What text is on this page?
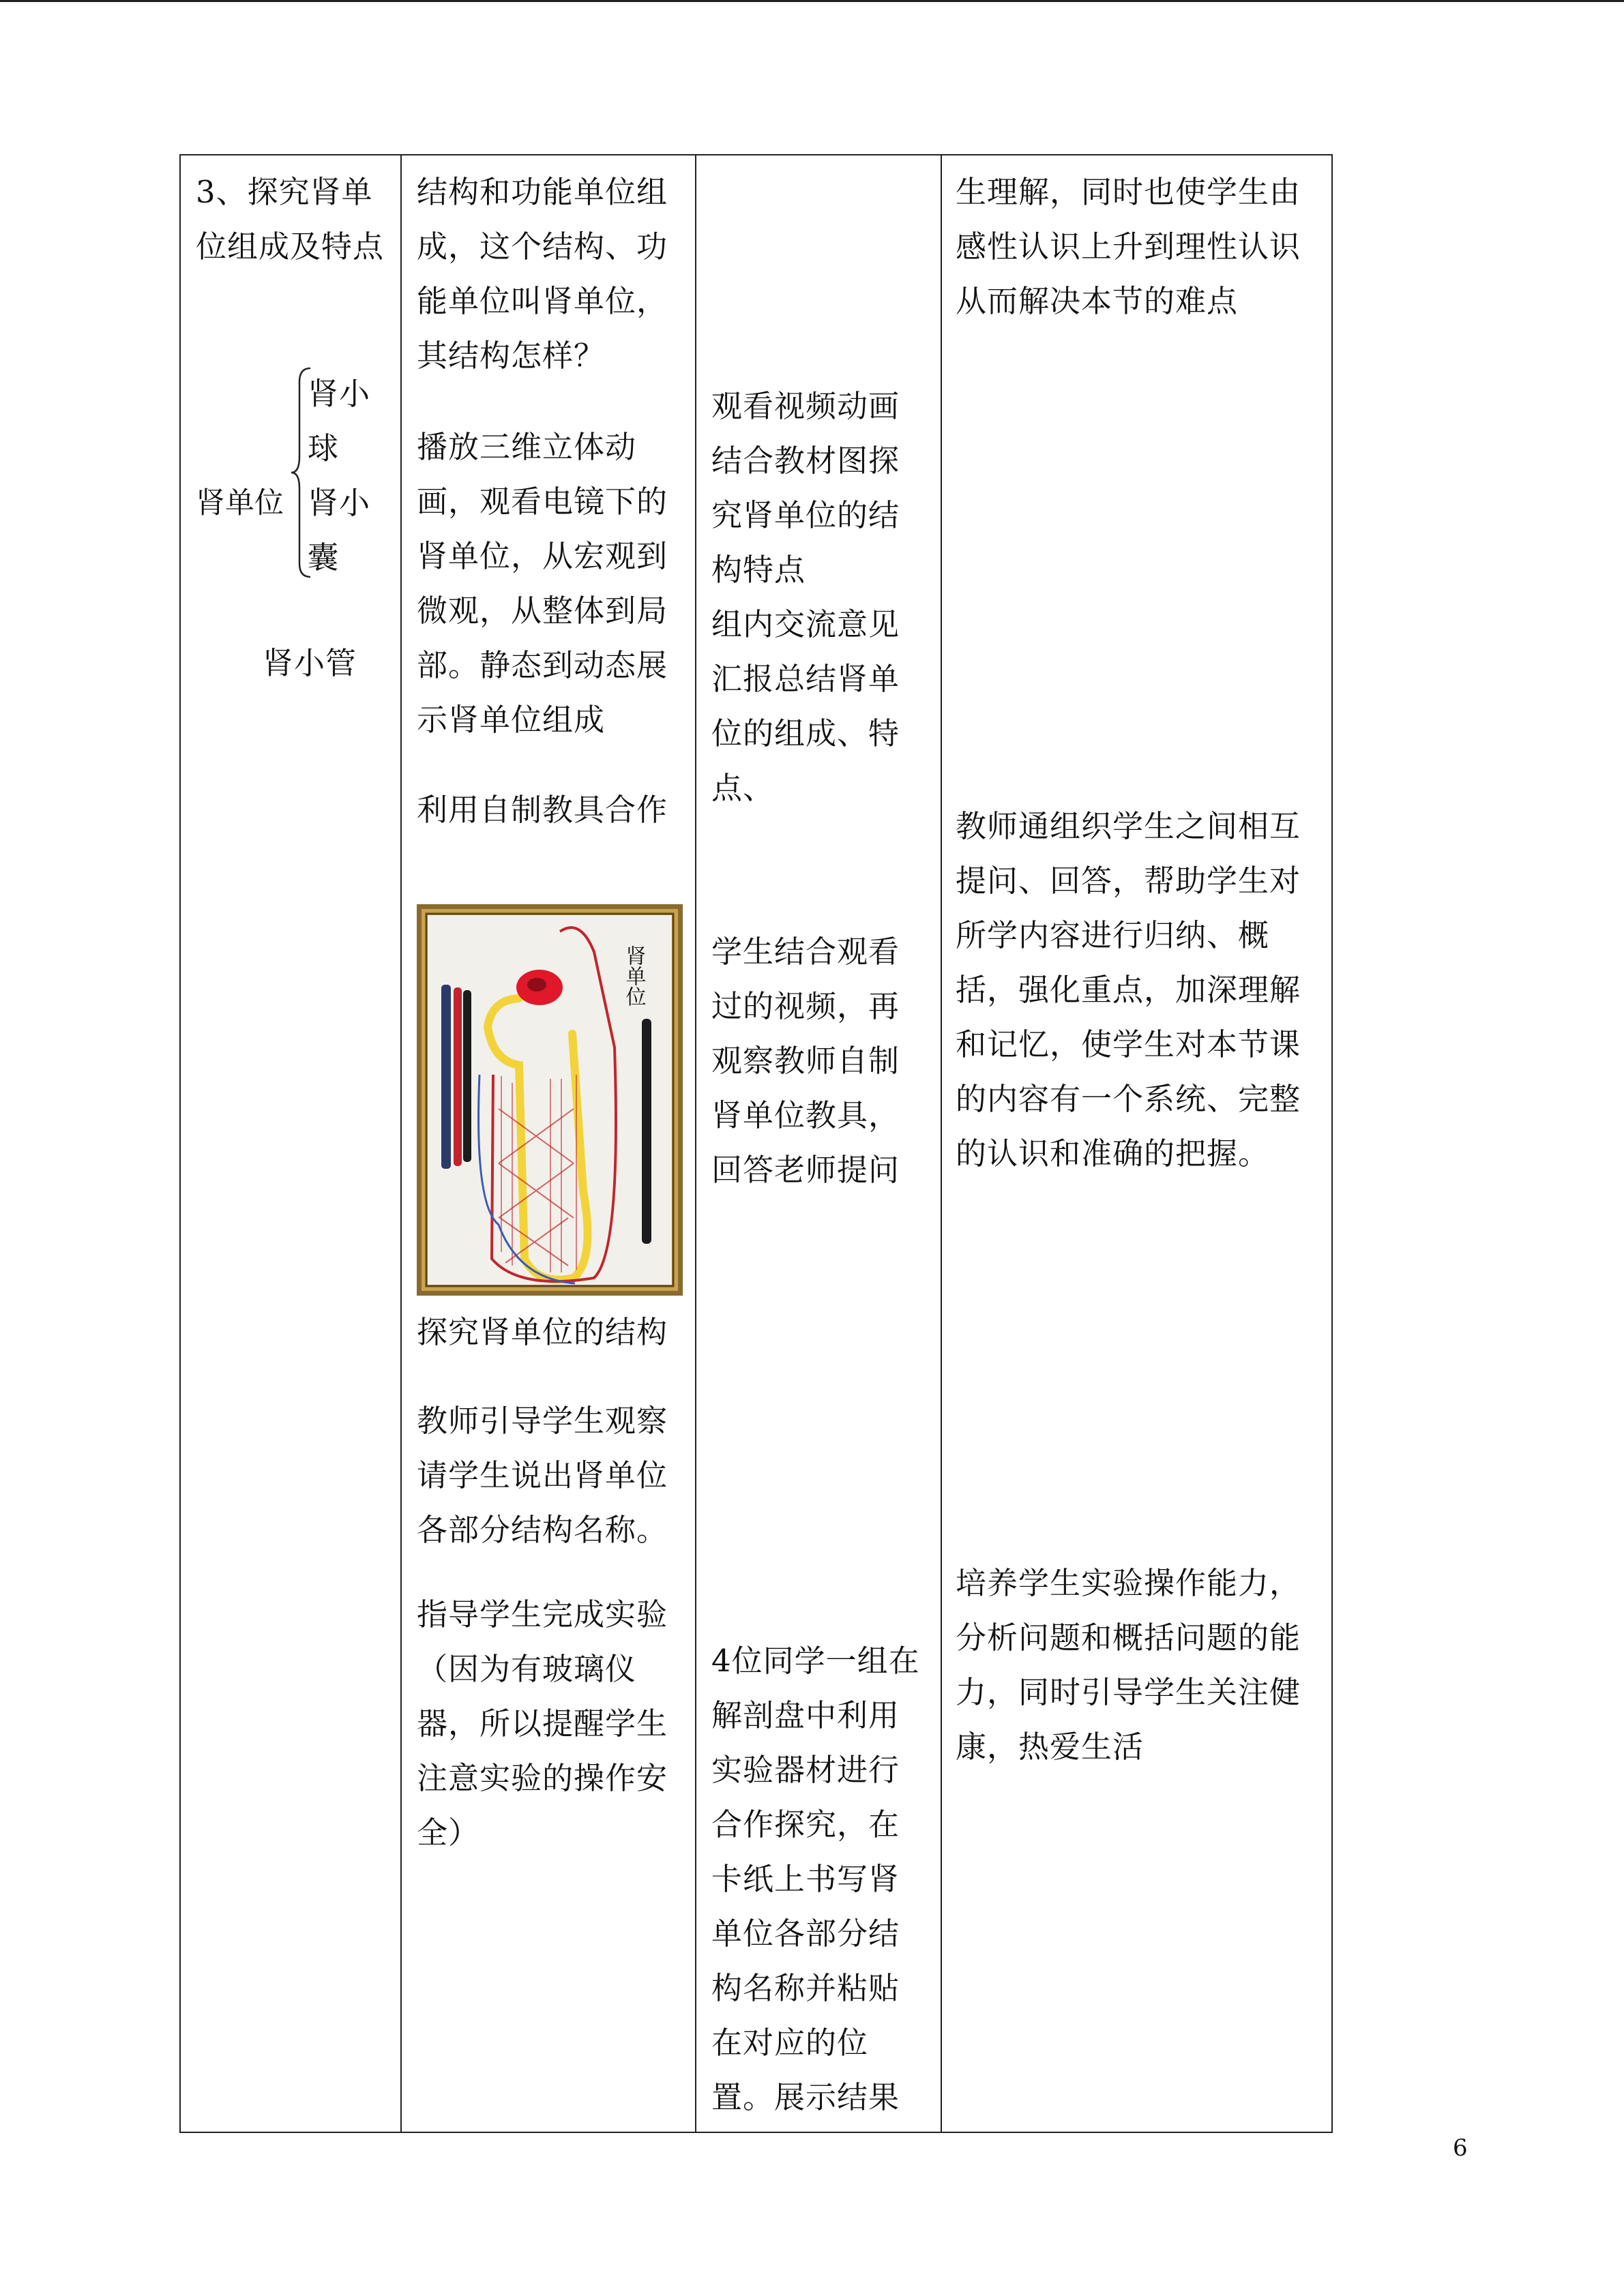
3、探究肾单位组成及特点
肾单位
肾小球
肾小囊
肾小管
结构和功能单位组成，这个结构、功能单位叫肾单位，其结构怎样？
播放三维立体动画，观看电镜下的肾单位，从宏观到微观，从整体到局部。静态到动态展示肾单位组成
利用自制教具合作
肾单位
探究肾单位的结构
教师引导学生观察请学生说出肾单位各部分结构名称。
指导学生完成实验（因为有玻璃仪器，所以提醒学生注意实验的操作安全）
观看视频动画结合教材图探究肾单位的结构特点
组内交流意见汇报总结肾单位的组成、特点、
学生结合观看过的视频，再观察教师自制肾单位教具，回答老师提问
4位同学一组在解剖盘中利用实验器材进行合作探究，在卡纸上书写肾单位各部分结构名称并粘贴在对应的位置。展示结果
生理解，同时也使学生由感性认识上升到理性认识从而解决本节的难点
教师通组织学生之间相互提问、回答，帮助学生对所学内容进行归纳、概括，强化重点，加深理解和记忆，使学生对本节课的内容有一个系统、完整的认识和准确的把握。
培养学生实验操作能力，分析问题和概括问题的能力，同时引导学生关注健康，热爱生活
6
